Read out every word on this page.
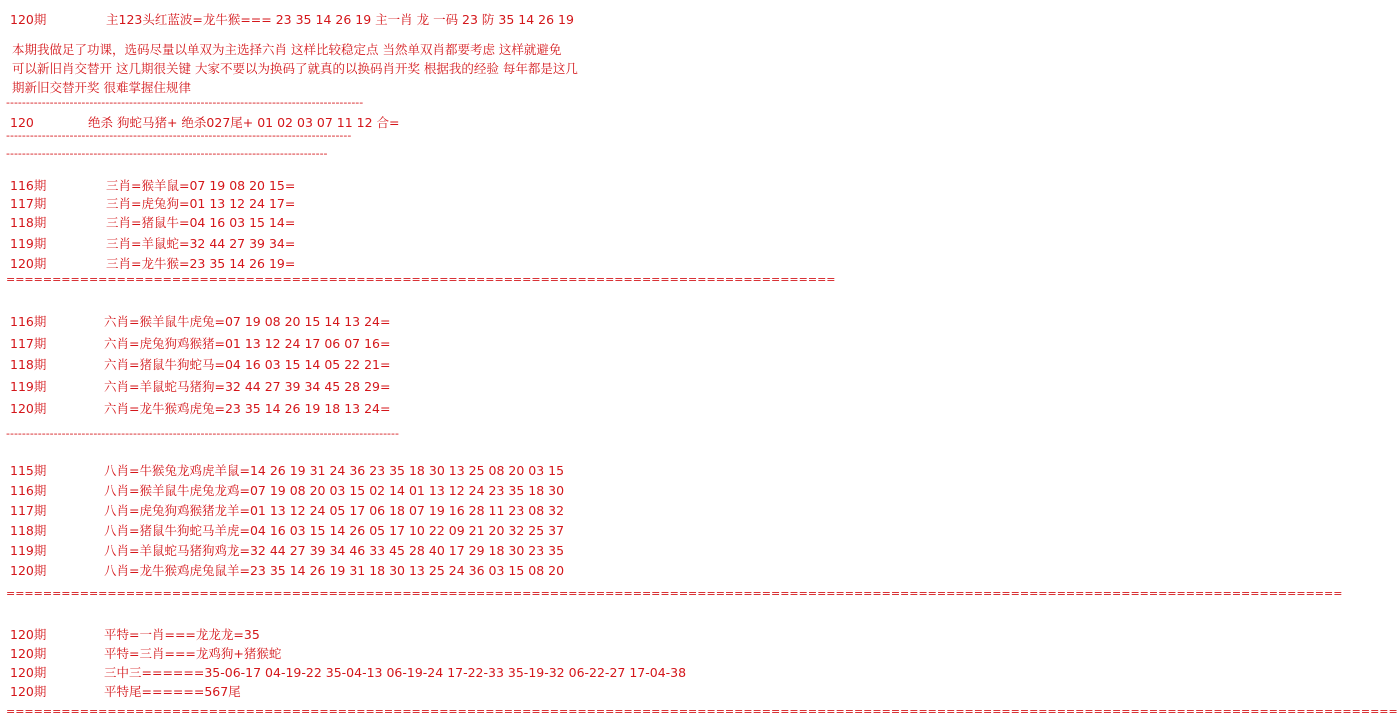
120期	主123头红蓝波=龙牛猴=== 23 35 14 26 19 主一肖 龙 一码 23 防 35 14 26 19
本期我做足了功课，选码尽量以单双为主选择六肖 这样比较稳定点 当然单双肖都要考虑 这样就避免
可以新旧肖交替开 这几期很关键 大家不要以为换码了就真的以换码肖开奖 根据我的经验 每年都是这几
期新旧交替开奖 很难掌握住规律
------------------------------------------------------------------------------------------
120	绝杀 狗蛇马猪+ 绝杀027尾+ 01 02 03 07 11 12 合=
---------------------------------------------------------------------------------------
---------------------------------------------------------------------------------
116期	三肖=猴羊鼠=07 19 08 20 15=
117期	三肖=虎兔狗=01 13 12 24 17=
118期	三肖=猪鼠牛=04 16 03 15 14=
119期	三肖=羊鼠蛇=32 44 27 39 34=
120期	三肖=龙牛猴=23 35 14 26 19=
==========================================================================================
116期	六肖=猴羊鼠牛虎兔=07 19 08 20 15 14 13 24=
117期	六肖=虎兔狗鸡猴猪=01 13 12 24 17 06 07 16=
118期	六肖=猪鼠牛狗蛇马=04 16 03 15 14 05 22 21=
119期	六肖=羊鼠蛇马猪狗=32 44 27 39 34 45 28 29=
120期	六肖=龙牛猴鸡虎兔=23 35 14 26 19 18 13 24=
---------------------------------------------------------------------------------------------------
115期	八肖=牛猴兔龙鸡虎羊鼠=14 26 19 31 24 36 23 35 18 30 13 25 08 20 03 15
116期	八肖=猴羊鼠牛虎兔龙鸡=07 19 08 20 03 15 02 14 01 13 12 24 23 35 18 30
117期	八肖=虎兔狗鸡猴猪龙羊=01 13 12 24 05 17 06 18 07 19 16 28 11 23 08 32
118期	八肖=猪鼠牛狗蛇马羊虎=04 16 03 15 14 26 05 17 10 22 09 21 20 32 25 37
119期	八肖=羊鼠蛇马猪狗鸡龙=32 44 27 39 34 46 33 45 28 40 17 29 18 30 23 35
120期	八肖=龙牛猴鸡虎兔鼠羊=23 35 14 26 19 31 18 30 13 25 24 36 03 15 08 20
=================================================================================================================================================
120期	平特=一肖===龙龙龙=35
120期	平特=三肖===龙鸡狗+猪猴蛇
120期	三中三======35-06-17 04-19-22 35-04-13 06-19-24 17-22-33 35-19-32 06-22-27 17-04-38
120期	平特尾======567尾
=======================================================================================================================================================
